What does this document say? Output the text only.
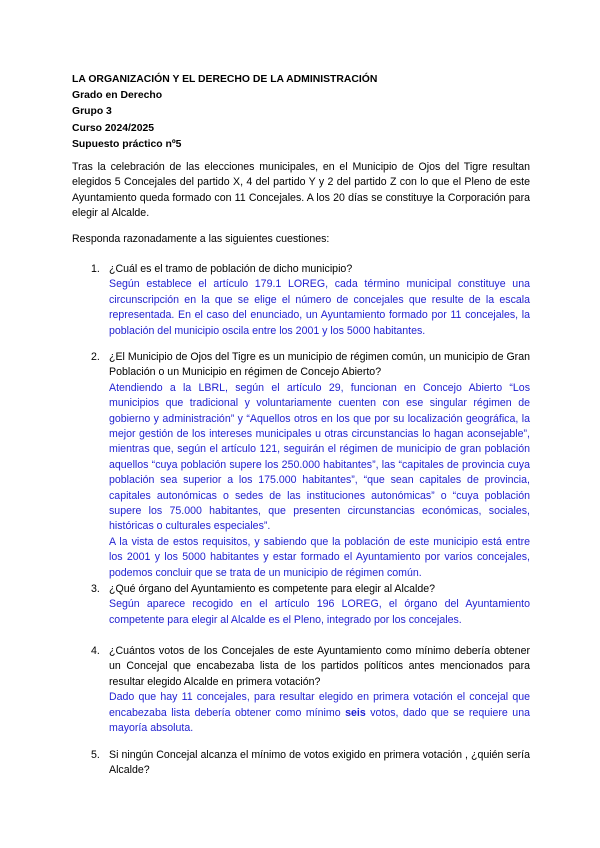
LA ORGANIZACIÓN Y EL DERECHO DE LA ADMINISTRACIÓN
Grado en Derecho
Grupo 3
Curso 2024/2025
Supuesto práctico nº5
Tras la celebración de las elecciones municipales, en el Municipio de Ojos del Tigre resultan elegidos 5 Concejales del partido X, 4 del partido Y y 2 del partido Z con lo que el Pleno de este Ayuntamiento queda formado con 11 Concejales. A los 20 días se constituye la Corporación para elegir al Alcalde.
Responda razonadamente a las siguientes cuestiones:
1. ¿Cuál es el tramo de población de dicho municipio?
Según establece el artículo 179.1 LOREG, cada término municipal constituye una circunscripción en la que se elige el número de concejales que resulte de la escala representada. En el caso del enunciado, un Ayuntamiento formado por 11 concejales, la población del municipio oscila entre los 2001 y los 5000 habitantes.
2. ¿El Municipio de Ojos del Tigre es un municipio de régimen común, un municipio de Gran Población o un Municipio en régimen de Concejo Abierto?

Atendiendo a la LBRL, según el artículo 29, funcionan en Concejo Abierto “Los municipios que tradicional y voluntariamente cuenten con ese singular régimen de gobierno y administración” y “Aquellos otros en los que por su localización geográfica, la mejor gestión de los intereses municipales u otras circunstancias lo hagan aconsejable”, mientras que, según el artículo 121, seguirán el régimen de municipio de gran población aquellos “cuya población supere los 250.000 habitantes”, las “capitales de provincia cuya población sea superior a los 175.000 habitantes”, “que sean capitales de provincia, capitales autonómicas o sedes de las instituciones autonómicas” o “cuya población supere los 75.000 habitantes, que presenten circunstancias económicas, sociales, históricas o culturales especiales”.

A la vista de estos requisitos, y sabiendo que la población de este municipio está entre los 2001 y los 5000 habitantes y estar formado el Ayuntamiento por varios concejales, podemos concluir que se trata de un municipio de régimen común.

3. ¿Qué órgano del Ayuntamiento es competente para elegir al Alcalde?
Según aparece recogido en el artículo 196 LOREG, el órgano del Ayuntamiento competente para elegir al Alcalde es el Pleno, integrado por los concejales.
4. ¿Cuántos votos de los Concejales de este Ayuntamiento como mínimo debería obtener un Concejal que encabezaba lista de los partidos políticos antes mencionados para resultar elegido Alcalde en primera votación?
Dado que hay 11 concejales, para resultar elegido en primera votación el concejal que encabezaba lista debería obtener como mínimo seis votos, dado que se requiere una mayoría absoluta.
5. Si ningún Concejal alcanza el mínimo de votos exigido en primera votación , ¿quién sería Alcalde?
